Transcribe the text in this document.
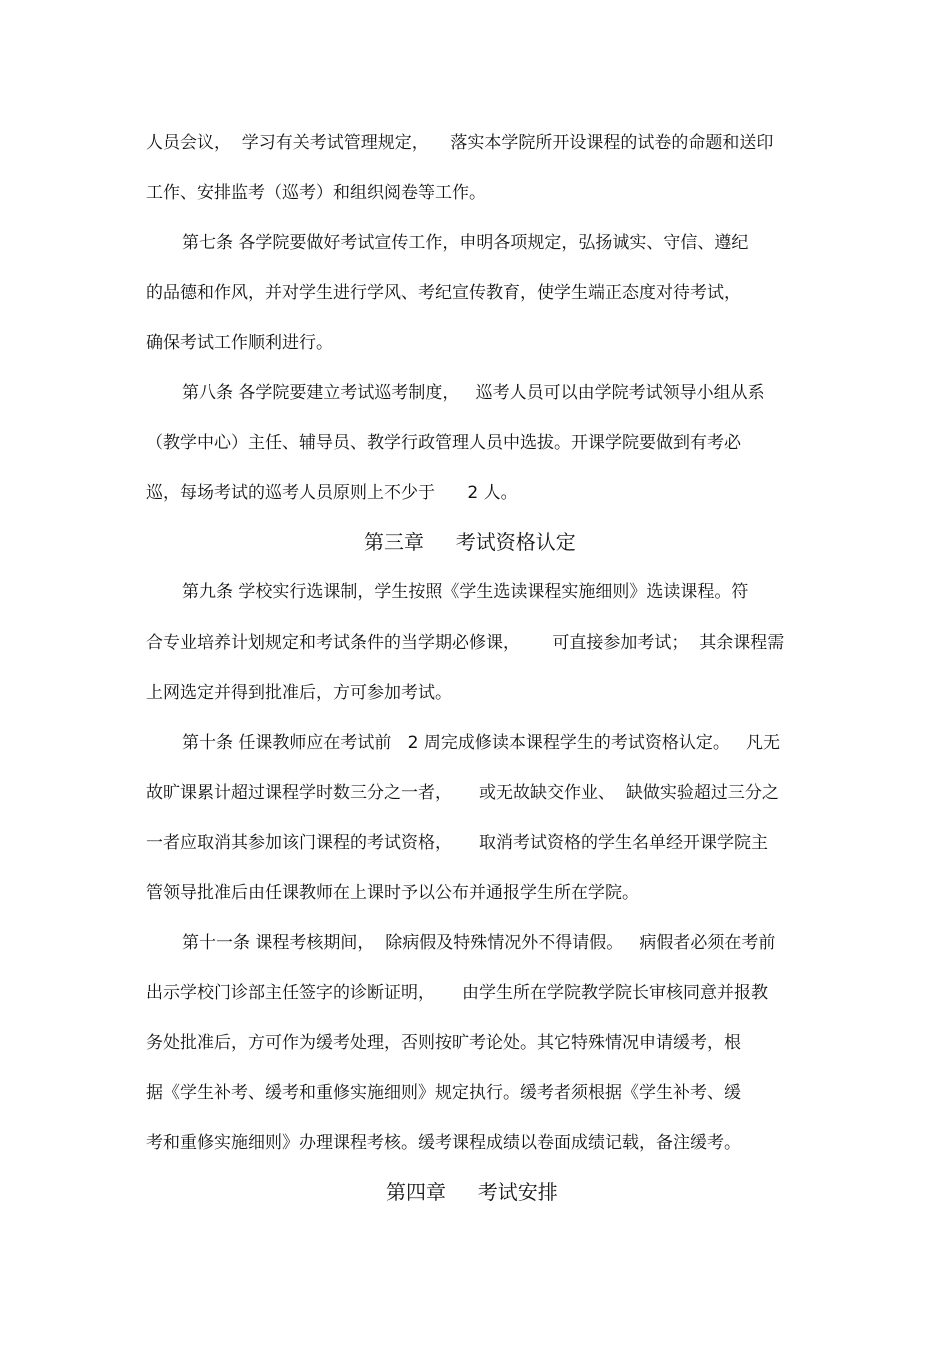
人员会议，  学习有关考试管理规定，    落实本学院所开设课程的试卷的命题和送印
工作、安排监考（巡考）和组织阅卷等工作。
第七条 各学院要做好考试宣传工作，申明各项规定，弘扬诚实、守信、遵纪
的品德和作风，并对学生进行学风、考纪宣传教育，使学生端正态度对待考试，
确保考试工作顺利进行。
第八条 各学院要建立考试巡考制度，   巡考人员可以由学院考试领导小组从系
（教学中心）主任、辅导员、教学行政管理人员中选拔。开课学院要做到有考必
巡，每场考试的巡考人员原则上不少于      2 人。
第三章     考试资格认定
第九条 学校实行选课制，学生按照《学生选读课程实施细则》选读课程。符
合专业培养计划规定和考试条件的当学期必修课，      可直接参加考试；  其余课程需
上网选定并得到批准后，方可参加考试。
第十条 任课教师应在考试前   2 周完成修读本课程学生的考试资格认定。   凡无
故旷课累计超过课程学时数三分之一者，     或无故缺交作业、  缺做实验超过三分之
一者应取消其参加该门课程的考试资格，     取消考试资格的学生名单经开课学院主
管领导批准后由任课教师在上课时予以公布并通报学生所在学院。
第十一条 课程考核期间，  除病假及特殊情况外不得请假。   病假者必须在考前
出示学校门诊部主任签字的诊断证明，     由学生所在学院教学院长审核同意并报教
务处批准后，方可作为缓考处理，否则按旷考论处。其它特殊情况申请缓考，根
据《学生补考、缓考和重修实施细则》规定执行。缓考者须根据《学生补考、缓
考和重修实施细则》办理课程考核。缓考课程成绩以卷面成绩记载，备注缓考。
第四章     考试安排
